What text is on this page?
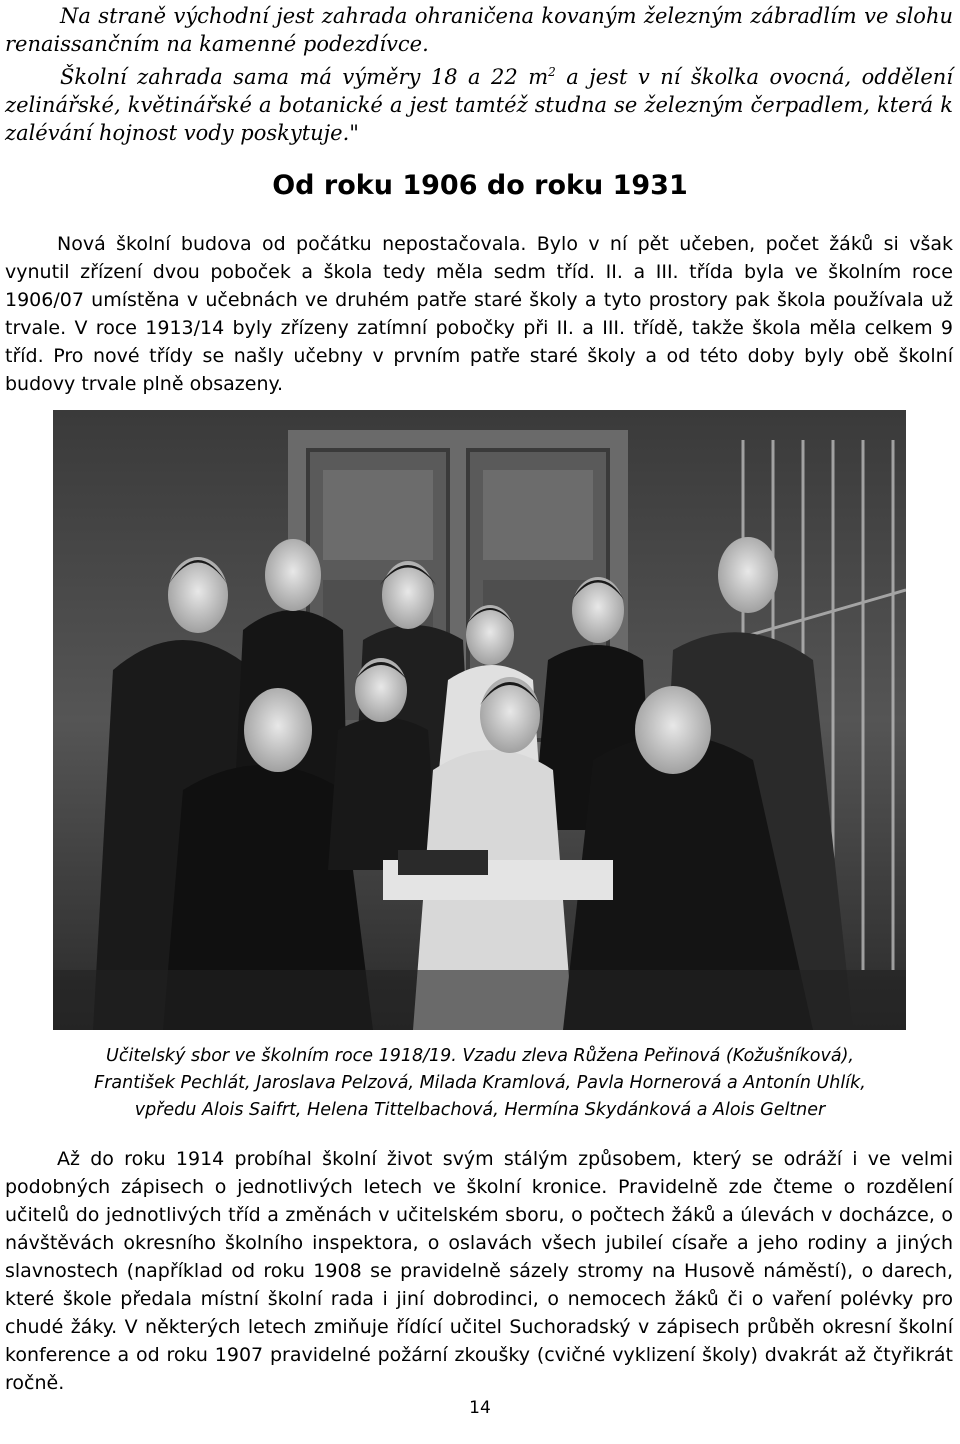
Na straně východní jest zahrada ohraničena kovaným železným zábradlím ve slohu renaissančním na kamenné podezdívce.

Školní zahrada sama má výměry 18 a 22 $m^2$ a jest v ní školka ovocná, oddělení zelinářské, květinářské a botanické a jest tamtéž studna se železným čerpadlem, která k zalévání hojnost vody poskytuje."

Od roku 1906 do roku 1931

Nová školní budova od počátku nepostačovala. Bylo v ní pět učeben, počet žáků si však vynutil zřízení dvou poboček a škola tedy měla sedm tříd. II. a III. třída byla ve školním roce 1906/07 umístěna v učebnách ve druhém patře staré školy a tyto prostory pak škola používala už trvale. V roce 1913/14 byly zřízeny zatímní pobočky při II. a III. třídě, takže škola měla celkem 9 tříd. Pro nové třídy se našly učebny v prvním patře staré školy a od této doby byly obě školní budovy trvale plně obsazeny.

Učitelský sbor ve školním roce 1918/19. Vzadu zleva Růžena Peřinová (Kožušníková),
František Pechlát, Jaroslava Pelzová, Milada Kramlová, Pavla Hornerová a Antonín Uhlík,
vpředu Alois Saifrt, Helena Tittelbachová, Hermína Skydánková a Alois Geltner

Až do roku 1914 probíhal školní život svým stálým způsobem, který se odráží i ve velmi podobných zápisech o jednotlivých letech ve školní kronice. Pravidelně zde čteme o rozdělení učitelů do jednotlivých tříd a změnách v učitelském sboru, o počtech žáků a úlevách v docházce, o návštěvách okresního školního inspektora, o oslavách všech jubileí císaře a jeho rodiny a jiných slavnostech (například od roku 1908 se pravidelně sázely stromy na Husově náměstí), o darech, které škole předala místní školní rada i jiní dobrodinci, o nemocech žáků či o vaření polévky pro chudé žáky. V některých letech zmiňuje řídící učitel Suchoradský v zápisech průběh okresní školní konference a od roku 1907 pravidelné požární zkoušky (cvičné vyklizení školy) dvakrát až čtyřikrát ročně.

14
